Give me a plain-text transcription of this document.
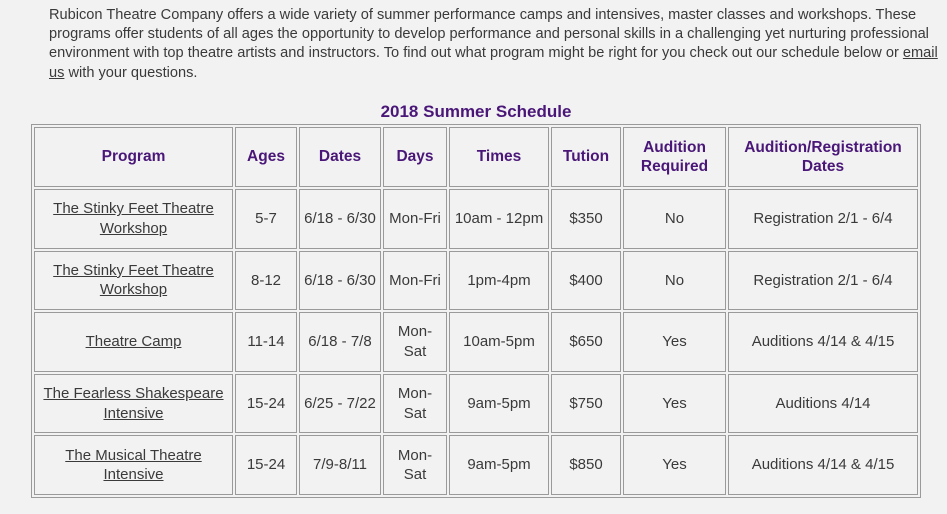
Rubicon Theatre Company offers a wide variety of summer performance camps and intensives, master classes and workshops. These programs offer students of all ages the opportunity to develop performance and personal skills in a challenging yet nurturing professional environment with top theatre artists and instructors. To find out what program might be right for you check out our schedule below or email us with your questions.

2018 Summer Schedule
Program	Ages	Dates	Days	Times	Tution	Audition Required	Audition/Registration Dates
The Stinky Feet Theatre Workshop	5-7	6/18 - 6/30	Mon-Fri	10am - 12pm	$350	No	Registration 2/1 - 6/4
The Stinky Feet Theatre Workshop	8-12	6/18 - 6/30	Mon-Fri	1pm-4pm	$400	No	Registration 2/1 - 6/4
Theatre Camp	11-14	6/18 - 7/8	Mon-Sat	10am-5pm	$650	Yes	Auditions 4/14 & 4/15
The Fearless Shakespeare Intensive	15-24	6/25 - 7/22	Mon-Sat	9am-5pm	$750	Yes	Auditions 4/14
The Musical Theatre Intensive	15-24	7/9-8/11	Mon-Sat	9am-5pm	$850	Yes	Auditions 4/14 & 4/15
